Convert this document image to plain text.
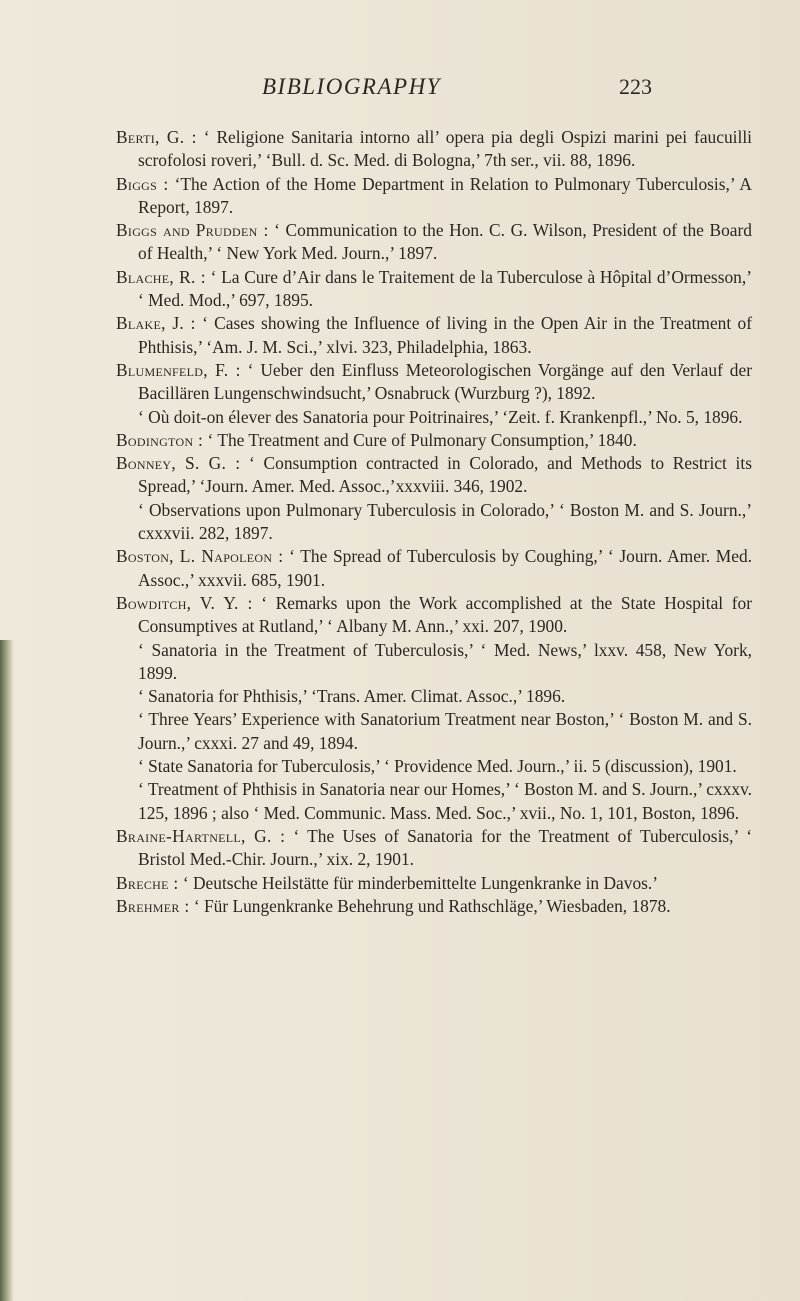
BIBLIOGRAPHY	223

Berti, G. : ‘ Religione Sanitaria intorno all’ opera pia degli Ospizi marini pei faucuilli scrofolosi roveri,’ ‘Bull. d. Sc. Med. di Bologna,’ 7th ser., vii. 88, 1896.

Biggs : ‘The Action of the Home Department in Relation to Pulmonary Tuberculosis,’ A Report, 1897.

Biggs and Prudden : ‘ Communication to the Hon. C. G. Wilson, President of the Board of Health,’ ‘ New York Med. Journ.,’ 1897.

Blache, R. : ‘ La Cure d’Air dans le Traitement de la Tuberculose à Hôpital d’Ormesson,’ ‘ Med. Mod.,’ 697, 1895.

Blake, J. : ‘ Cases showing the Influence of living in the Open Air in the Treatment of Phthisis,’ ‘Am. J. M. Sci.,’ xlvi. 323, Philadelphia, 1863.

Blumenfeld, F. : ‘ Ueber den Einfluss Meteorologischen Vorgänge auf den Verlauf der Bacillären Lungenschwindsucht,’ Osnabruck (Wurzburg ?), 1892.

‘ Où doit-on élever des Sanatoria pour Poitrinaires,’ ‘Zeit. f. Krankenpfl.,’ No. 5, 1896.

Bodington : ‘ The Treatment and Cure of Pulmonary Consumption,’ 1840.

Bonney, S. G. : ‘ Consumption contracted in Colorado, and Methods to Restrict its Spread,’ ‘Journ. Amer. Med. Assoc.,’xxxviii. 346, 1902.

‘ Observations upon Pulmonary Tuberculosis in Colorado,’ ‘ Boston M. and S. Journ.,’ cxxxvii. 282, 1897.

Boston, L. Napoleon : ‘ The Spread of Tuberculosis by Coughing,’ ‘ Journ. Amer. Med. Assoc.,’ xxxvii. 685, 1901.

Bowditch, V. Y. : ‘ Remarks upon the Work accomplished at the State Hospital for Consumptives at Rutland,’ ‘ Albany M. Ann.,’ xxi. 207, 1900.

‘ Sanatoria in the Treatment of Tuberculosis,’ ‘ Med. News,’ lxxv. 458, New York, 1899.

‘ Sanatoria for Phthisis,’ ‘Trans. Amer. Climat. Assoc.,’ 1896.

‘ Three Years’ Experience with Sanatorium Treatment near Boston,’ ‘ Boston M. and S. Journ.,’ cxxxi. 27 and 49, 1894.

‘ State Sanatoria for Tuberculosis,’ ‘ Providence Med. Journ.,’ ii. 5 (discussion), 1901.

‘ Treatment of Phthisis in Sanatoria near our Homes,’ ‘ Boston M. and S. Journ.,’ cxxxv. 125, 1896 ; also ‘ Med. Communic. Mass. Med. Soc.,’ xvii., No. 1, 101, Boston, 1896.

Braine-Hartnell, G. : ‘ The Uses of Sanatoria for the Treatment of Tuberculosis,’ ‘ Bristol Med.-Chir. Journ.,’ xix. 2, 1901.

Breche : ‘ Deutsche Heilstätte für minderbemittelte Lungenkranke in Davos.’

Brehmer : ‘ Für Lungenkranke Behehrung und Rathschläge,’ Wiesbaden, 1878.
